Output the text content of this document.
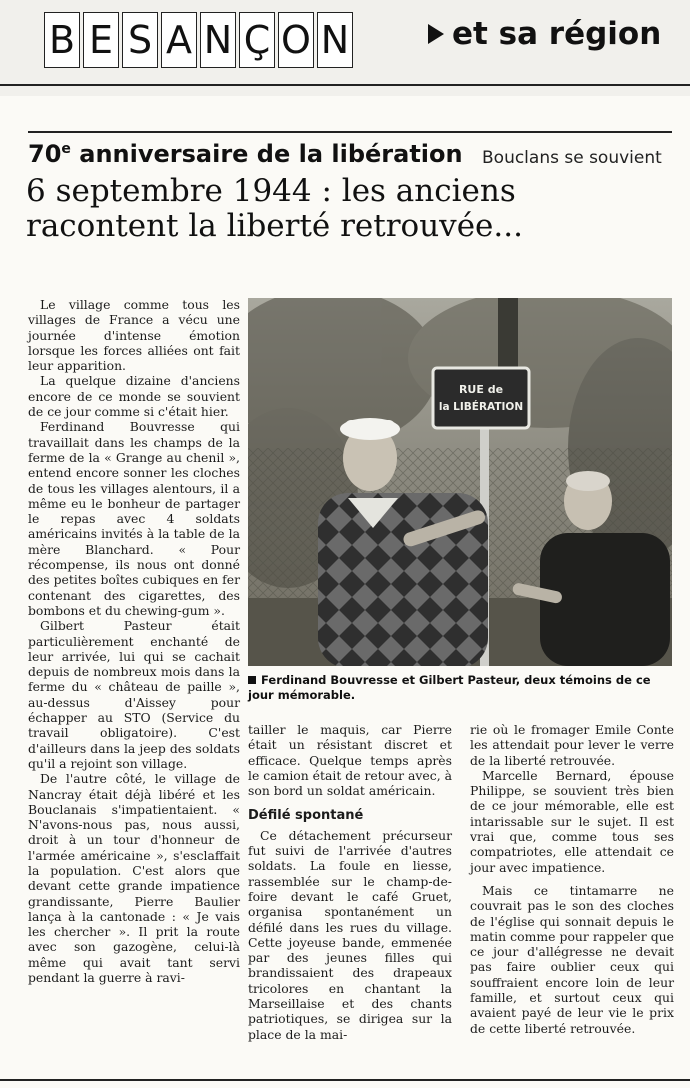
B E S A N Ç O N	et sa région
70e anniversaire de la libération Bouclans se souvient
6 septembre 1944 : les anciens
racontent la liberté retrouvée...

Le village comme tous les villages de France a vécu une journée d'intense émotion lorsque les forces alliées ont fait leur apparition.

La quelque dizaine d'anciens encore de ce monde se souvient de ce jour comme si c'était hier.

Ferdinand Bouvresse qui travaillait dans les champs de la ferme de la « Grange au chenil », entend encore sonner les cloches de tous les villages alentours, il a même eu le bonheur de partager le repas avec 4 soldats américains invités à la table de la mère Blanchard. « Pour récompense, ils nous ont donné des petites boîtes cubiques en fer contenant des cigarettes, des bombons et du chewing-gum ».

Gilbert Pasteur était particulièrement enchanté de leur arrivée, lui qui se cachait depuis de nombreux mois dans la ferme du « château de paille », au-dessus d'Aissey pour échapper au STO (Service du travail obligatoire). C'est d'ailleurs dans la jeep des soldats qu'il a rejoint son village.

De l'autre côté, le village de Nancray était déjà libéré et les Bouclanais s'impatientaient. « N'avons-nous pas, nous aussi, droit à un tour d'honneur de l'armée américaine », s'esclaffait la population. C'est alors que devant cette grande impatience grandissante, Pierre Baulier lança à la cantonade : « Je vais les chercher ». Il prit la route avec son gazogène, celui-là même qui avait tant servi pendant la guerre à ravi-

RUE de
la LIBÉRATION
Ferdinand Bouvresse et Gilbert Pasteur, deux témoins de ce jour mémorable.

tailler le maquis, car Pierre était un résistant discret et efficace. Quelque temps après le camion était de retour avec, à son bord un soldat américain.

Défilé spontané

Ce détachement précurseur fut suivi de l'arrivée d'autres soldats. La foule en liesse, rassemblée sur le champ-de-foire devant le café Gruet, organisa spontanément un défilé dans les rues du village. Cette joyeuse bande, emmenée par des jeunes filles qui brandissaient des drapeaux tricolores en chantant la Marseillaise et des chants patriotiques, se dirigea sur la place de la mai-

rie où le fromager Emile Conte les attendait pour lever le verre de la liberté retrouvée.

Marcelle Bernard, épouse Philippe, se souvient très bien de ce jour mémorable, elle est intarissable sur le sujet. Il est vrai que, comme tous ses compatriotes, elle attendait ce jour avec impatience.

Mais ce tintamarre ne couvrait pas le son des cloches de l'église qui sonnait depuis le matin comme pour rappeler que ce jour d'allégresse ne devait pas faire oublier ceux qui souffraient encore loin de leur famille, et surtout ceux qui avaient payé de leur vie le prix de cette liberté retrouvée.
